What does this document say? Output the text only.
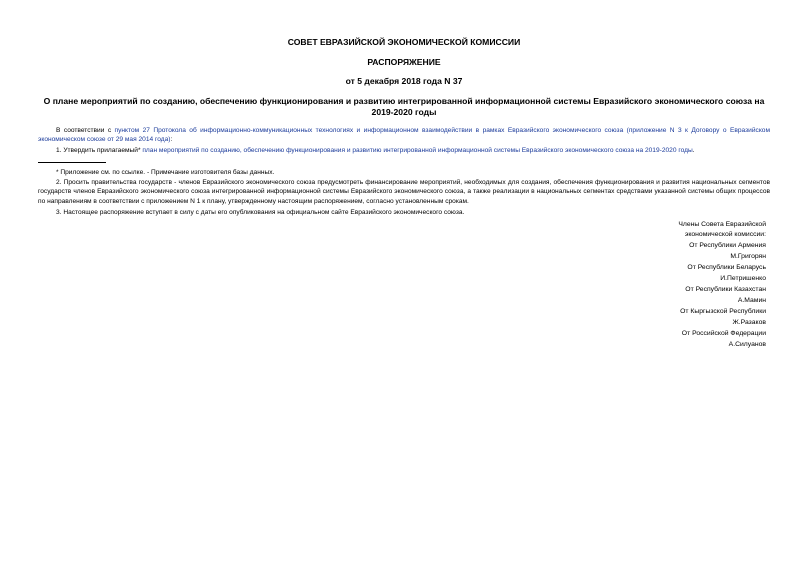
СОВЕТ ЕВРАЗИЙСКОЙ ЭКОНОМИЧЕСКОЙ КОМИССИИ
РАСПОРЯЖЕНИЕ
от 5 декабря 2018 года N 37
О плане мероприятий по созданию, обеспечению функционирования и развитию интегрированной информационной системы Евразийского экономического союза на 2019-2020 годы
В соответствии с пунктом 27 Протокола об информационно-коммуникационных технологиях и информационном взаимодействии в рамках Евразийского экономического союза (приложение N 3 к Договору о Евразийском экономическом союзе от 29 мая 2014 года):
1. Утвердить прилагаемый* план мероприятий по созданию, обеспечению функционирования и развитию интегрированной информационной системы Евразийского экономического союза на 2019-2020 годы.
* Приложение см. по ссылке. - Примечание изготовителя базы данных.
2. Просить правительства государств - членов Евразийского экономического союза предусмотреть финансирование мероприятий, необходимых для создания, обеспечения функционирования и развития национальных сегментов государств членов Евразийского экономического союза интегрированной информационной системы Евразийского экономического союза, а также реализации в национальных сегментах средствами указанной системы общих процессов по направлениям в соответствии с приложением N 1 к плану, утвержденному настоящим распоряжением, согласно установленным срокам.
3. Настоящее распоряжение вступает в силу с даты его опубликования на официальном сайте Евразийского экономического союза.
Члены Совета Евразийской
экономической комиссии:
От Республики Армения
М.Григорян
От Республики Беларусь
И.Петришенко
От Республики Казахстан
А.Мамин
От Кыргызской Республики
Ж.Разаков
От Российской Федерации
А.Силуанов
